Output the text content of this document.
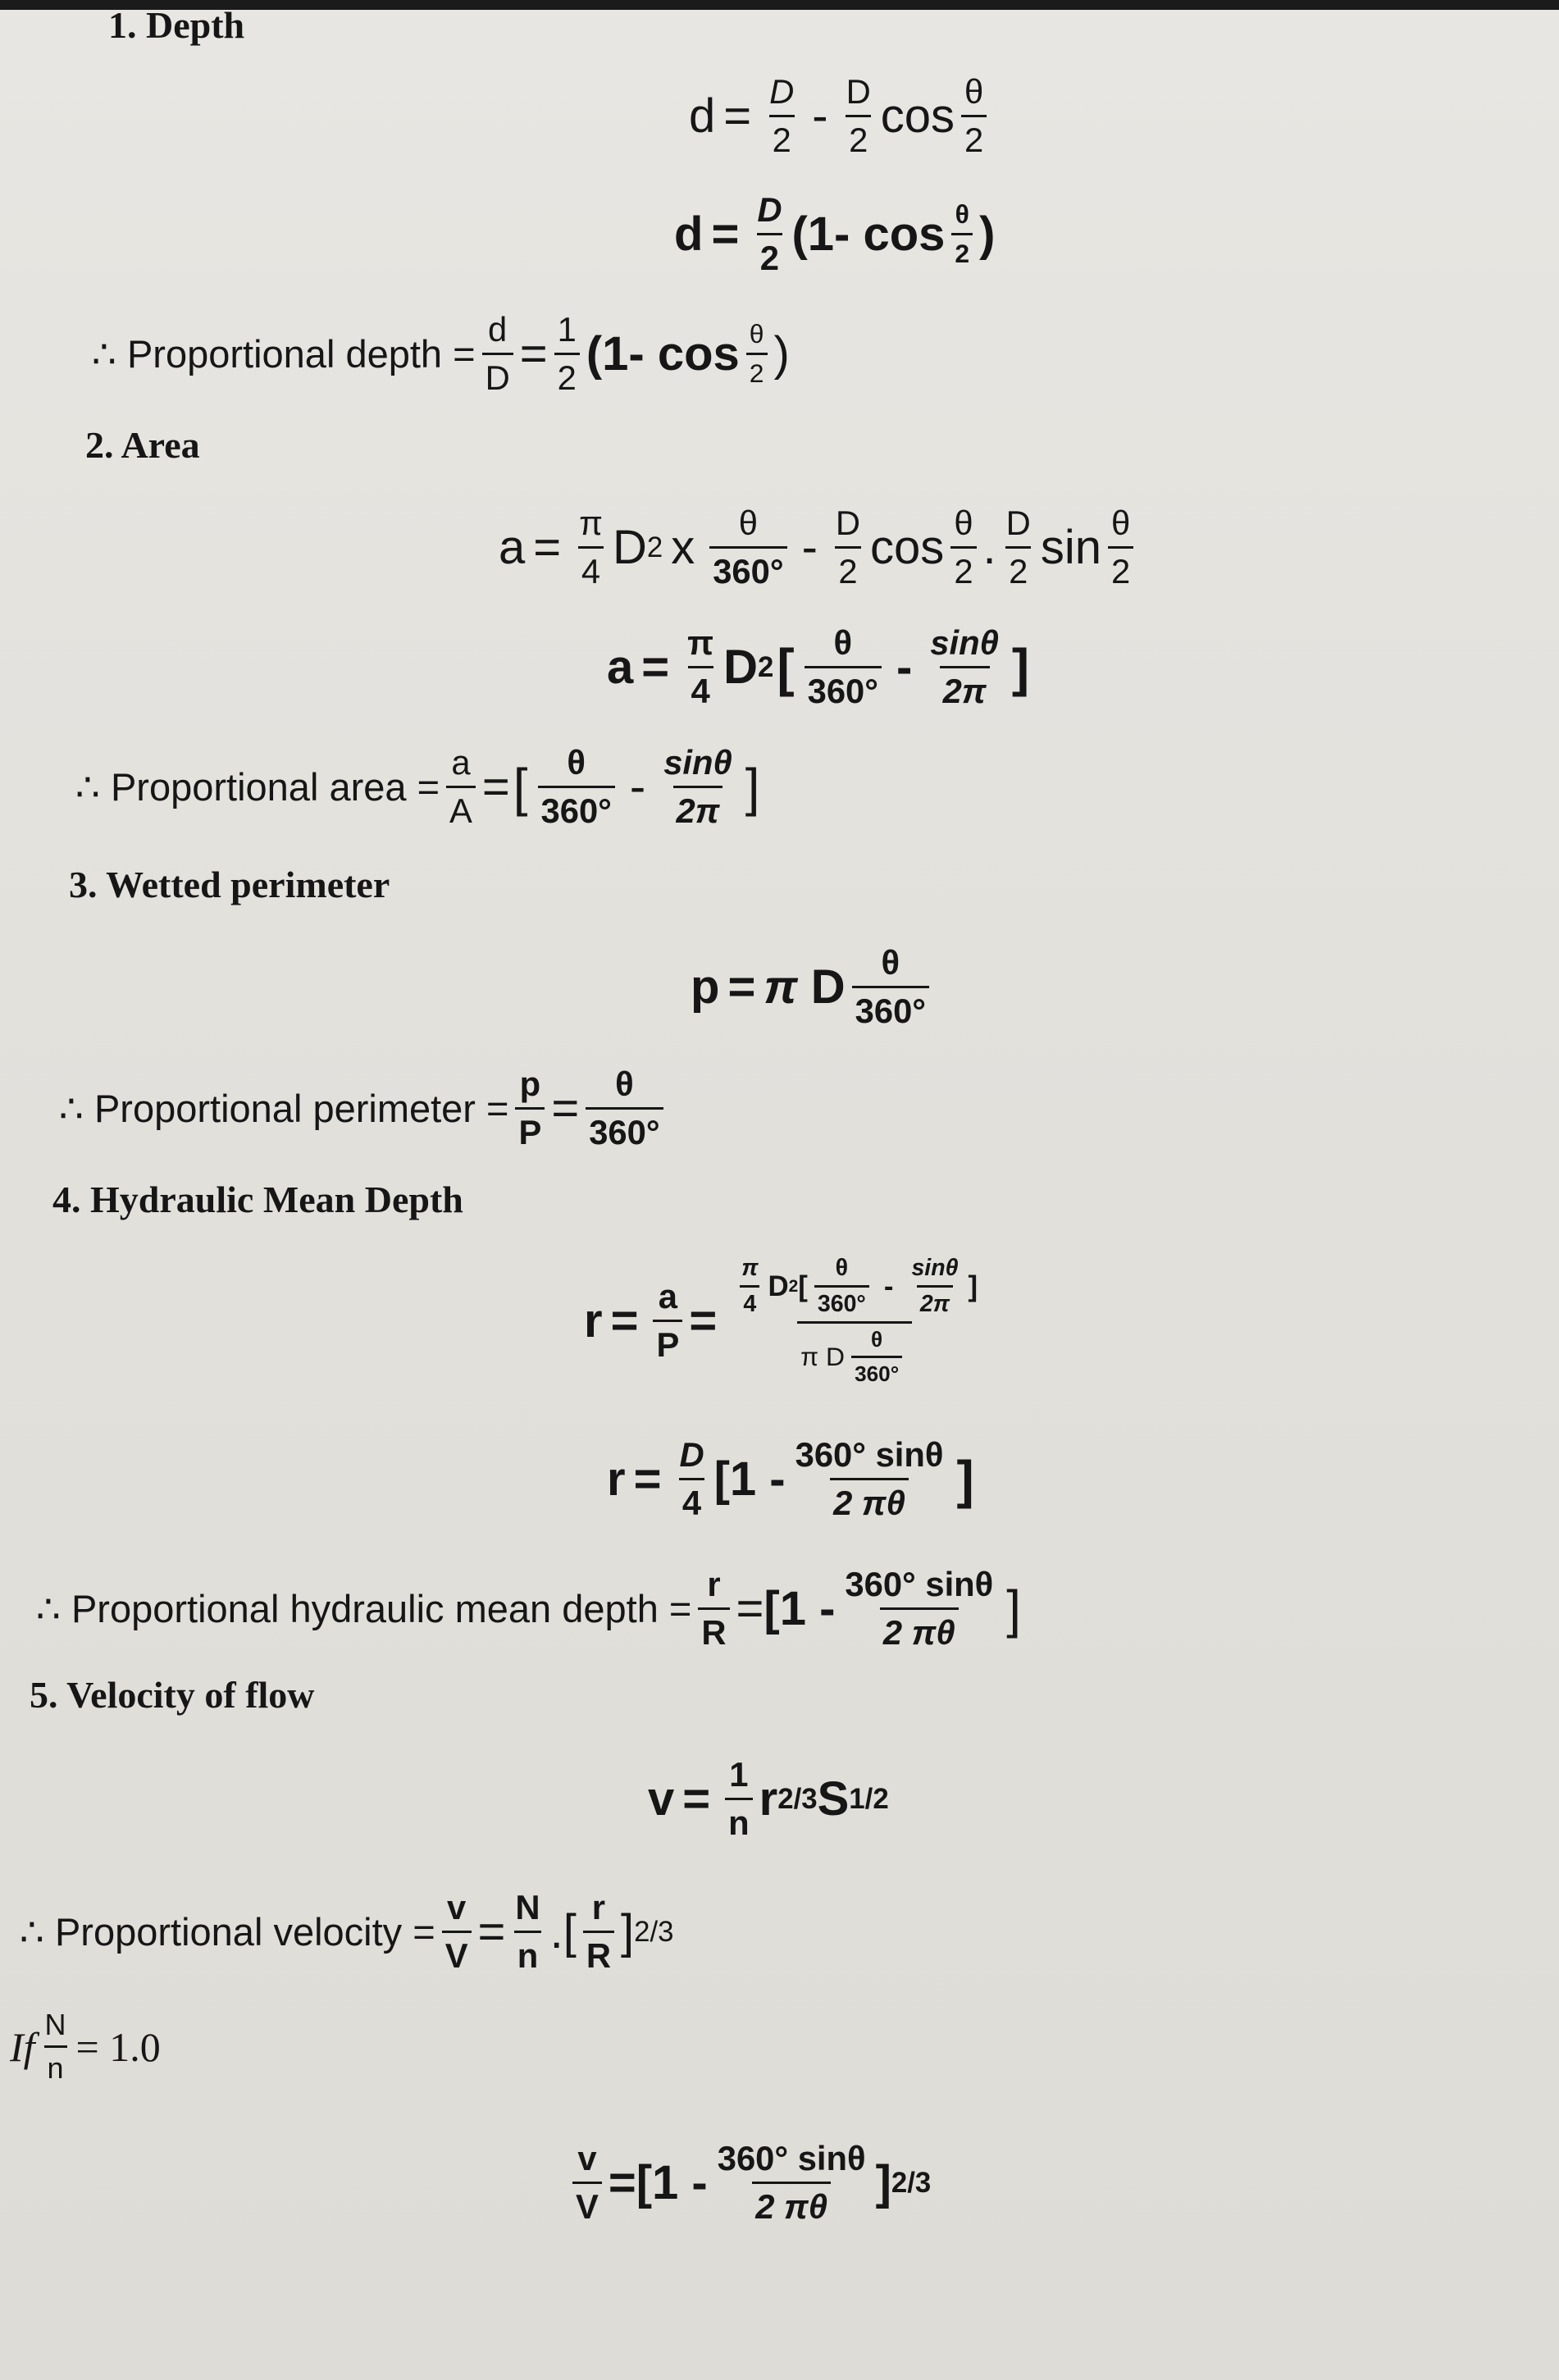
1. Depth
$d = \frac{D}{2} - \frac{D}{2}$ $\cos \frac{\theta}{2}$
$d = \frac{D}{2} (1-$ $\cos \frac{\theta}{2}$ )
∴ Proportional depth = $\frac{d}{D} = \frac{1}{2} (1-$ $\cos \frac{\theta}{2}$ )
2. Area
$a = \frac{\pi}{4}$ D 2 x $\frac{\theta}{360^\circ} - \frac{D}{2}$ $\cos \frac{\theta}{2}$ . $\frac{D}{2}$ $\sin \frac{\theta}{2}$
$a = \frac{\pi}{4}$ D 2 [ $\frac{\theta}{360^\circ} - \frac{\sin\theta}{2\pi}$ ]
∴ Proportional area = $\frac{a}{A}$ = [ $\frac{\theta}{360^\circ} - \frac{\sin\theta}{2\pi}$ ]
3. Wetted perimeter
p = π
D $\frac{\theta}{360^\circ}$
∴ Proportional perimeter = $\frac{p}{P} = \frac{\theta}{360^\circ}$
4. Hydraulic Mean Depth
$r = \frac{a}{P} = \frac{\frac{\pi}{4} D 2 [ \frac{\theta}{360^\circ} - \frac{\sin\theta}{2\pi} ]}{\pi D \frac{\theta}{360^\circ}}$
$r = \frac{D}{4} [1 - \frac{360^\circ \sin\theta}{2 \pi\theta}$ ]
∴ Proportional hydraulic mean depth = $\frac{r}{R} = [1 - \frac{360^\circ \sin\theta}{2 \pi\theta}$ ]
5. Velocity of flow
$v = \frac{1}{n}$ r 2/3 S 1/2
∴ Proportional velocity = $\frac{v}{V} = \frac{N}{n}$ . [ $\frac{r}{R}$ ] 2/3
If $\frac{N}{n}$ =
1.0
$\frac{v}{V} = [1 - \frac{360^\circ \sin\theta}{2 \pi\theta}$ ] 2/3
